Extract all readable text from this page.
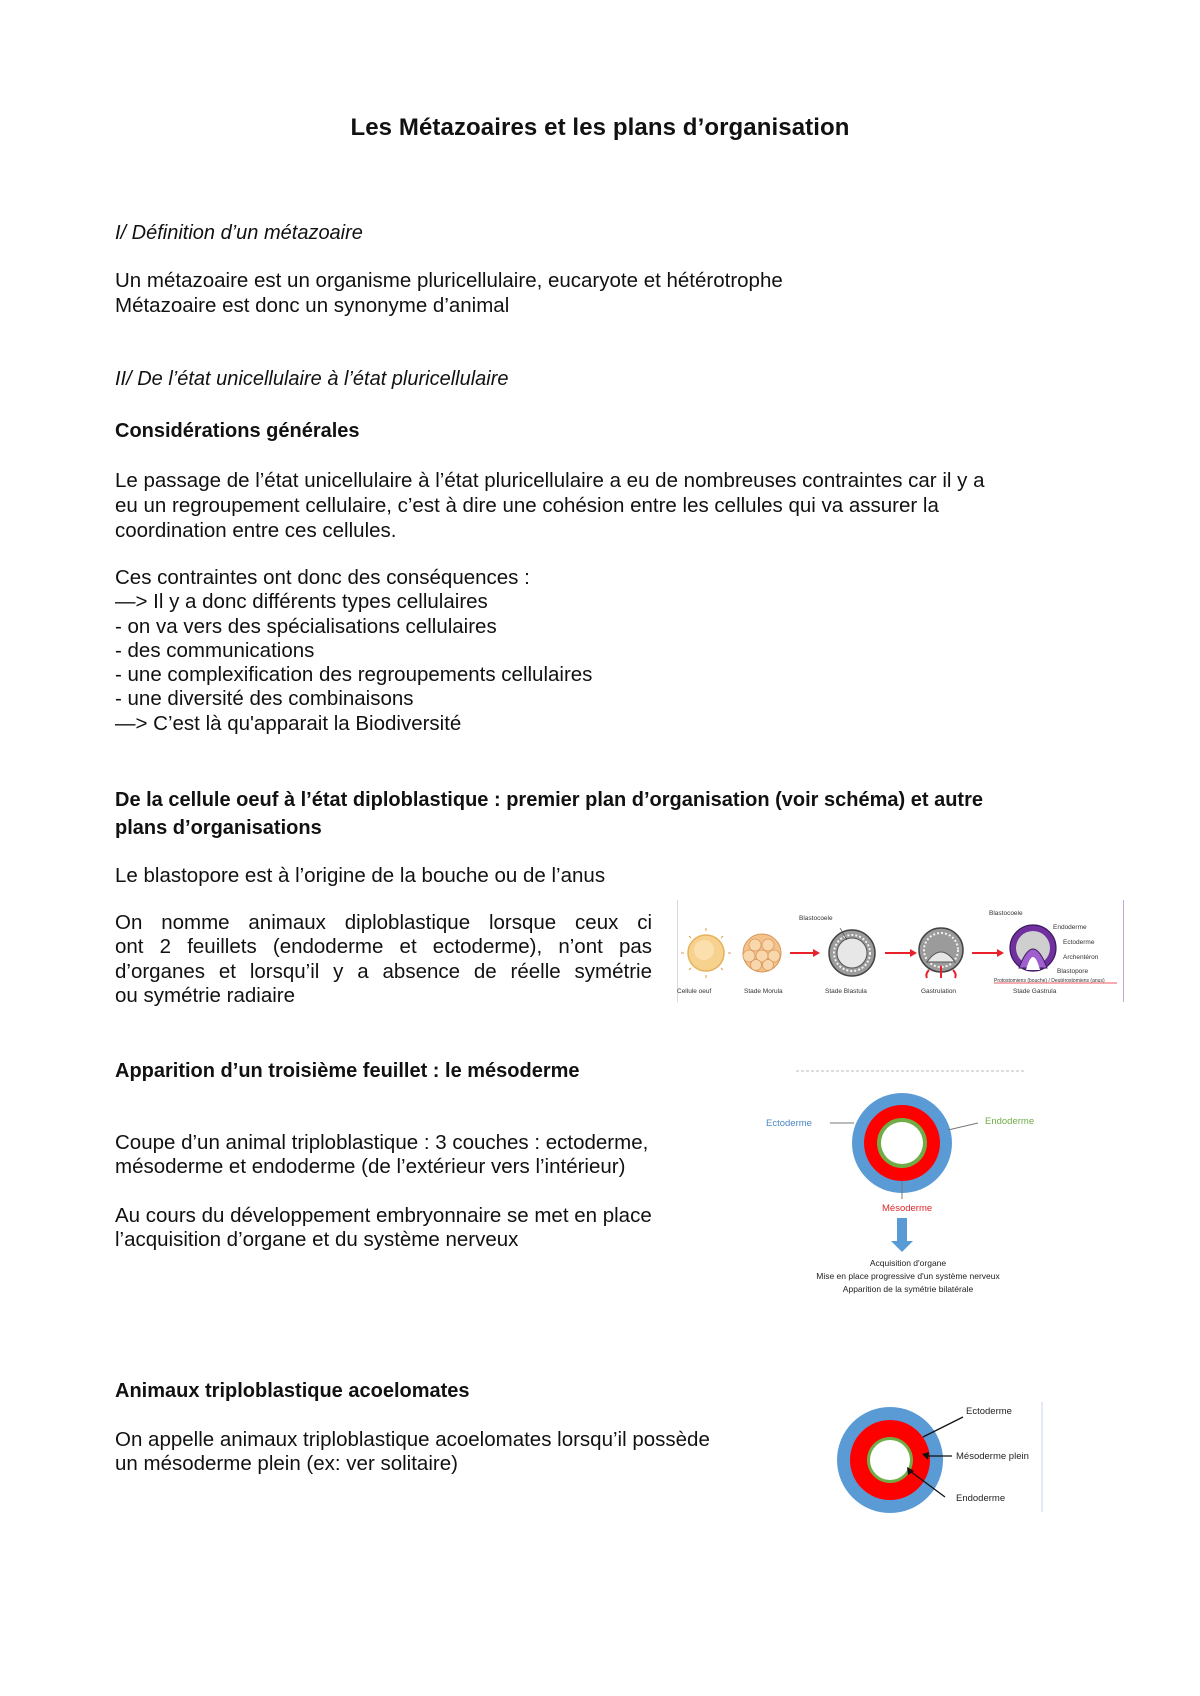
Les Métazoaires et les plans d’organisation
I/ Définition d’un métazoaire
Un métazoaire est un organisme pluricellulaire, eucaryote et hétérotrophe
Métazoaire est donc un synonyme d’animal
II/ De l’état unicellulaire à l’état pluricellulaire
Considérations générales
Le passage de l’état unicellulaire à l’état pluricellulaire a eu de nombreuses contraintes car il y a
eu un regroupement cellulaire, c’est à dire une cohésion entre les cellules qui va assurer la
coordination entre ces cellules.
Ces contraintes ont donc des conséquences :
—> Il y a donc différents types cellulaires
- on va vers des spécialisations cellulaires
- des communications
- une complexification des regroupements cellulaires
- une diversité des combinaisons
—> C’est là qu'apparait la Biodiversité
De la cellule oeuf à l’état diploblastique : premier plan d’organisation (voir schéma) et autre
plans d’organisations
Le blastopore est à l’origine de la bouche ou de l’anus
On nomme animaux diploblastique lorsque ceux ci
ont 2 feuillets (endoderme et ectoderme), n’ont pas
d’organes et lorsqu’il y a absence de réelle symétrie
ou symétrie radiaire	Cellule oeuf	Stade Morula	Stade Blastula	Gastrulation	Stade Gastrula
Blastocoele
Blastocoele
Endoderme
Ectoderme
Archentéron
Blastopore
Protostomiens (bouche) / Deutérostomiens (anus)
Apparition d’un troisième feuillet : le mésoderme
Coupe d’un animal triploblastique : 3 couches : ectoderme,
mésoderme et endoderme (de l’extérieur vers l’intérieur)
Au cours du développement embryonnaire se met en place
l’acquisition d’organe et du système nerveux
Ectoderme	Endoderme
Mésoderme
Acquisition d'organe
Mise en place progressive d'un système nerveux
Apparition de la symétrie bilatérale
Animaux triploblastique acoelomates
On appelle animaux triploblastique acoelomates lorsqu’il possède
un mésoderme plein (ex: ver solitaire)
Ectoderme
Mésoderme plein
Endoderme
